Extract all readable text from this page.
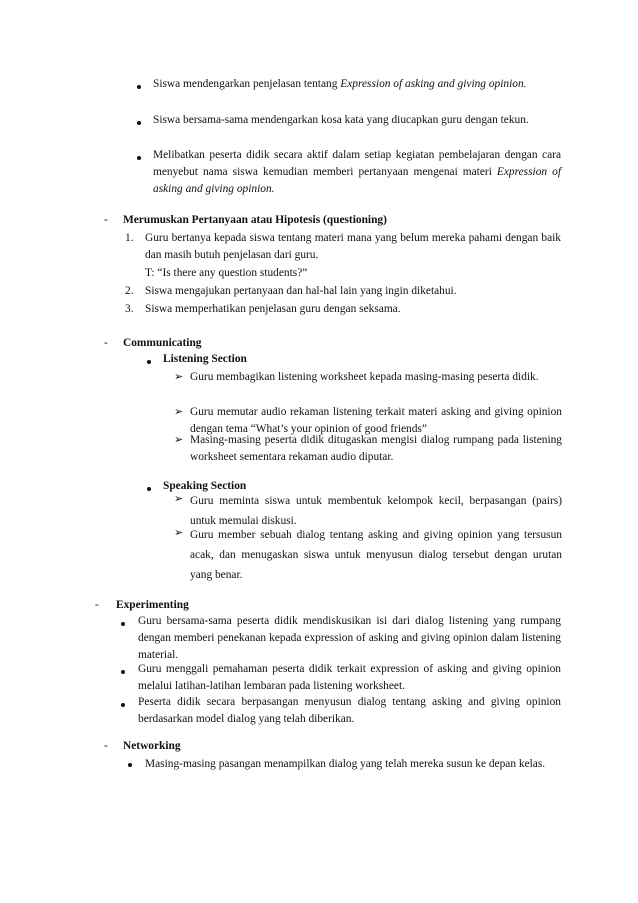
Siswa mendengarkan penjelasan tentang Expression of asking and giving opinion.
Siswa bersama-sama mendengarkan kosa kata yang diucapkan guru dengan tekun.
Melibatkan peserta didik secara aktif dalam setiap kegiatan pembelajaran dengan cara menyebut nama siswa kemudian memberi pertanyaan mengenai materi Expression of asking and giving opinion.
- Merumuskan Pertanyaan atau Hipotesis (questioning)
1. Guru bertanya kepada siswa tentang materi mana yang belum mereka pahami dengan baik dan masih butuh penjelasan dari guru.
T: “Is there any question students?”
2. Siswa mengajukan pertanyaan dan hal-hal lain yang ingin diketahui.
3. Siswa memperhatikan penjelasan guru dengan seksama.
- Communicating
Listening Section
➢ Guru membagikan listening worksheet kepada masing-masing peserta didik.
➢ Guru memutar audio rekaman listening terkait materi asking and giving opinion dengan tema “What’s your opinion of good friends”
➢ Masing-masing peserta didik ditugaskan mengisi dialog rumpang pada listening worksheet sementara rekaman audio diputar.
Speaking Section
➢ Guru meminta siswa untuk membentuk kelompok kecil, berpasangan (pairs) untuk memulai diskusi.
➢ Guru member sebuah dialog tentang asking and giving opinion yang tersusun acak, dan menugaskan siswa untuk menyusun dialog tersebut dengan urutan yang benar.
- Experimenting
Guru bersama-sama peserta didik mendiskusikan isi dari dialog listening yang rumpang dengan memberi penekanan kepada expression of asking and giving opinion dalam listening material.
Guru menggali pemahaman peserta didik terkait expression of asking and giving opinion melalui latihan-latihan lembaran pada listening worksheet.
Peserta didik secara berpasangan menyusun dialog tentang asking and giving opinion berdasarkan model dialog yang telah diberikan.
- Networking
Masing-masing pasangan menampilkan dialog yang telah mereka susun ke depan kelas.
